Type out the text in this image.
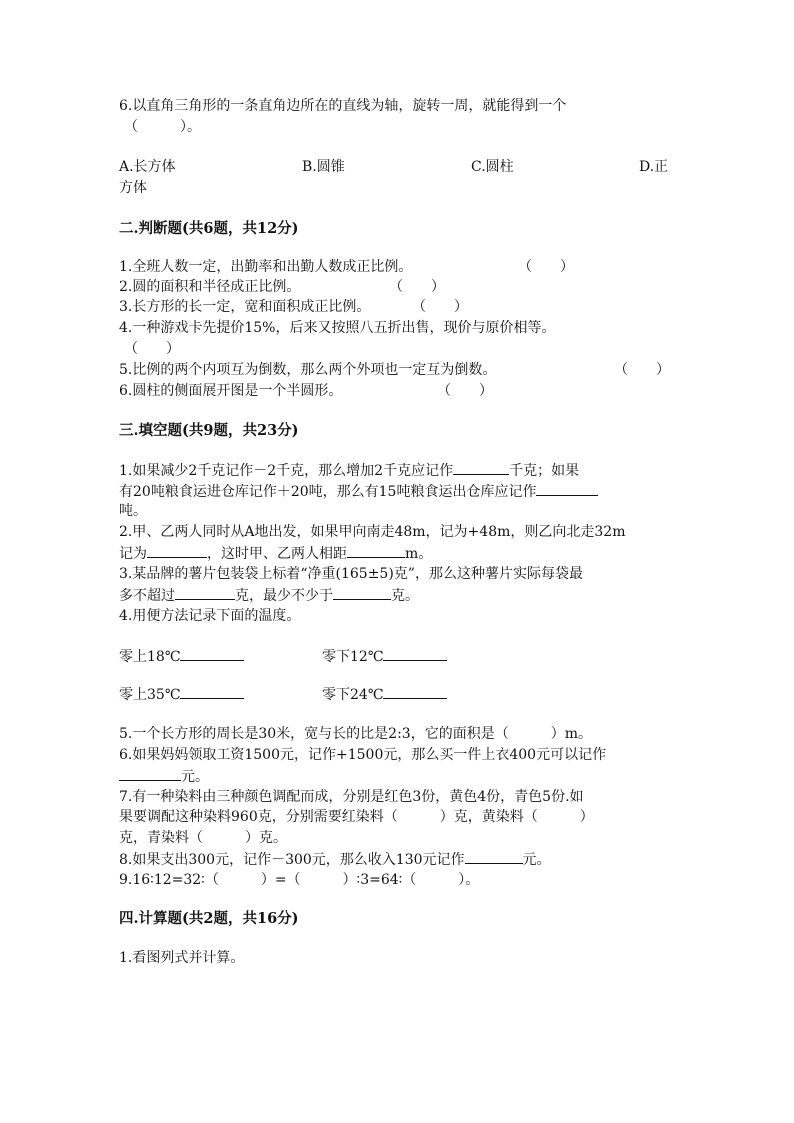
6.以直角三角形的一条直角边所在的直线为轴，旋转一周，就能得到一个
（　　　）。
A.长方体	B.圆锥	C.圆柱	D.正
方体
二.判断题(共6题，共12分)
1.全班人数一定，出勤率和出勤人数成正比例。	（　　）
2.圆的面积和半径成正比例。	（　　）
3.长方形的长一定，宽和面积成正比例。	（　　）
4.一种游戏卡先提价15%，后来又按照八五折出售，现价与原价相等。
（　　）
5.比例的两个内项互为倒数，那么两个外项也一定互为倒数。	（　　）
6.圆柱的侧面展开图是一个半圆形。	（　　）
三.填空题(共9题，共23分)
1.如果减少2千克记作－2千克，那么增加2千克应记作	千克；如果
有20吨粮食运进仓库记作＋20吨，那么有15吨粮食运出仓库应记作
吨。
2.甲、乙两人同时从A地出发，如果甲向南走48m，记为+48m，则乙向北走32m
记为	，这时甲、乙两人相距	m。
3.某品牌的薯片包装袋上标着“净重(165±5)克”，那么这种薯片实际每袋最
多不超过	克，最少不少于	克。
4.用便方法记录下面的温度。
零上18℃	零下12℃
零上35℃	零下24℃
5.一个长方形的周长是30米，宽与长的比是2:3，它的面积是（　　　）m。
6.如果妈妈领取工资1500元，记作+1500元，那么买一件上衣400元可以记作
元。
7.有一种染料由三种颜色调配而成，分别是红色3份，黄色4份，青色5份.如
果要调配这种染料960克，分别需要红染料（　　　）克，黄染料（　　　）
克，青染料（　　　）克。
8.如果支出300元，记作－300元，那么收入130元记作	元。
9.16∶12=32∶（　　　）=（　　　）∶3=64∶（　　　）。
四.计算题(共2题，共16分)
1.看图列式并计算。
